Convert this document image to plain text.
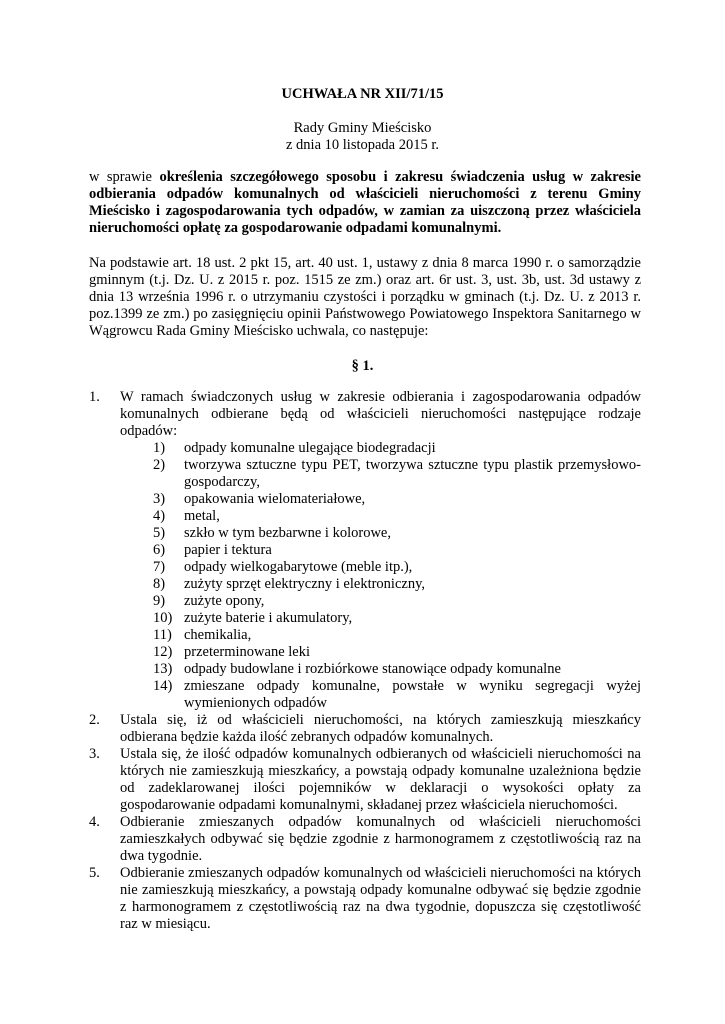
UCHWAŁA NR XII/71/15
Rady Gminy Mieścisko
z dnia 10 listopada 2015 r.
w sprawie określenia szczegółowego sposobu i zakresu świadczenia usług w zakresie odbierania odpadów komunalnych od właścicieli nieruchomości z terenu Gminy Mieścisko i zagospodarowania tych odpadów, w zamian za uiszczoną przez właściciela nieruchomości opłatę za gospodarowanie odpadami komunalnymi.
Na podstawie art. 18 ust. 2 pkt 15, art. 40 ust. 1, ustawy z dnia 8 marca 1990 r. o samorządzie gminnym (t.j. Dz. U. z 2015 r. poz. 1515 ze zm.) oraz art. 6r ust. 3, ust. 3b, ust. 3d ustawy z dnia 13 września 1996 r. o utrzymaniu czystości i porządku w gminach (t.j. Dz. U. z 2013 r. poz.1399 ze zm.) po zasięgnięciu opinii Państwowego Powiatowego Inspektora Sanitarnego w Wągrowcu Rada Gminy Mieścisko uchwala, co następuje:
§ 1.
1. W ramach świadczonych usług w zakresie odbierania i zagospodarowania odpadów komunalnych odbierane będą od właścicieli nieruchomości następujące rodzaje odpadów:
1) odpady komunalne ulegające biodegradacji
2) tworzywa sztuczne typu PET, tworzywa sztuczne typu plastik przemysłowo-gospodarczy,
3) opakowania wielomateriałowe,
4) metal,
5) szkło w tym bezbarwne i kolorowe,
6) papier i tektura
7) odpady wielkogabarytowe (meble itp.),
8) zużyty sprzęt elektryczny i elektroniczny,
9) zużyte opony,
10) zużyte baterie i akumulatory,
11) chemikalia,
12) przeterminowane leki
13) odpady budowlane i rozbiórkowe stanowiące odpady komunalne
14) zmieszane odpady komunalne, powstałe w wyniku segregacji wyżej wymienionych odpadów
2. Ustala się, iż od właścicieli nieruchomości, na których zamieszkują mieszkańcy odbierana będzie każda ilość zebranych odpadów komunalnych.
3. Ustala się, że ilość odpadów komunalnych odbieranych od właścicieli nieruchomości na których nie zamieszkują mieszkańcy, a powstają odpady komunalne uzależniona będzie od zadeklarowanej ilości pojemników w deklaracji o wysokości opłaty za gospodarowanie odpadami komunalnymi, składanej przez właściciela nieruchomości.
4. Odbieranie zmieszanych odpadów komunalnych od właścicieli nieruchomości zamieszkałych odbywać się będzie zgodnie z harmonogramem z częstotliwością raz na dwa tygodnie.
5. Odbieranie zmieszanych odpadów komunalnych od właścicieli nieruchomości na których nie zamieszkują mieszkańcy, a powstają odpady komunalne odbywać się będzie zgodnie z harmonogramem z częstotliwością raz na dwa tygodnie, dopuszcza się częstotliwość raz w miesiącu.
